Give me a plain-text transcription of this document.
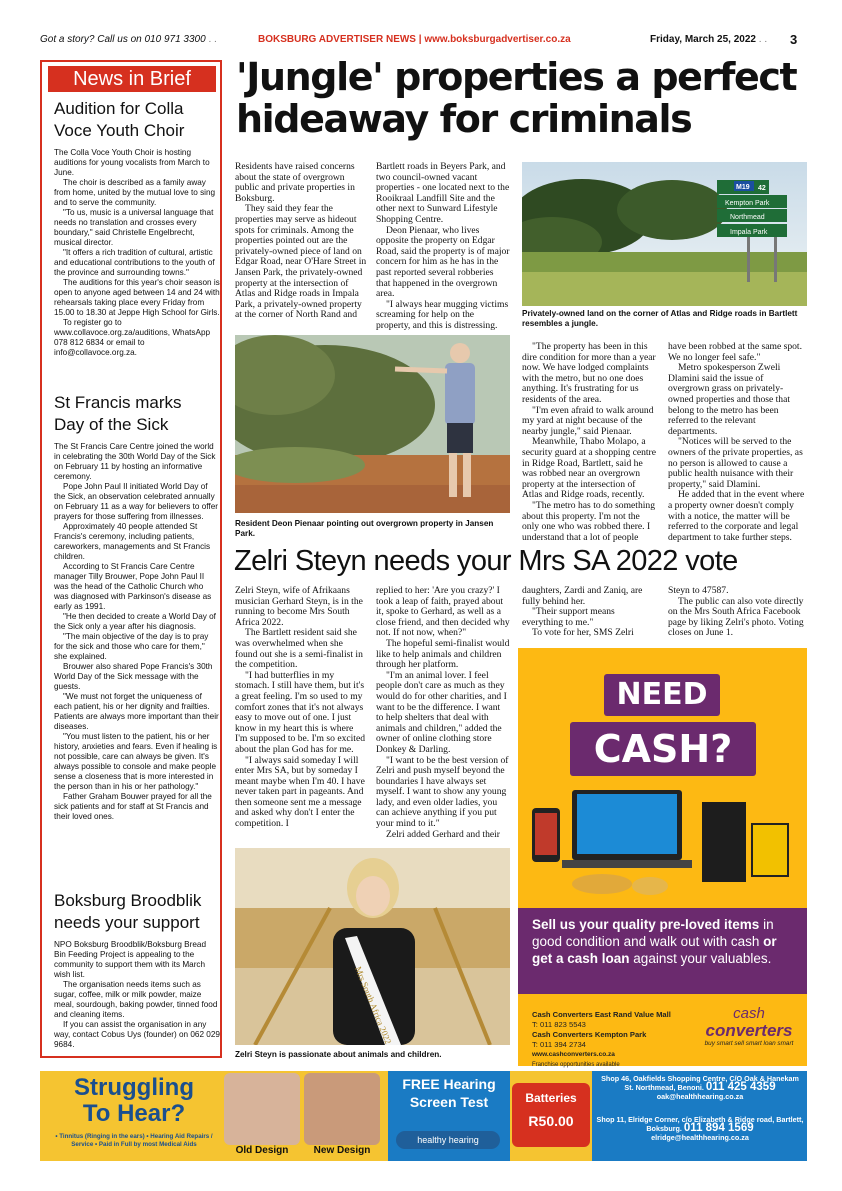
Got a story? Call us on 010 971 3300 . .	BOKSBURG ADVERTISER NEWS | www.boksburgadvertiser.co.za	Friday, March 25, 2022 . . 3
News in Brief
Audition for Colla Voce Youth Choir

The Colla Voce Youth Choir is hosting auditions for young vocalists from March to June.

The choir is described as a family away from home, united by the mutual love to sing and to serve the community.

"To us, music is a universal language that needs no translation and crosses every boundary," said Christelle Engelbrecht, musical director.

"It offers a rich tradition of cultural, artistic and educational contributions to the youth of the province and surrounding towns."

The auditions for this year's choir season is open to anyone aged between 14 and 24 with rehearsals taking place every Friday from 15.00 to 18.30 at Jeppe High School for Girls.

To register go to www.collavoce.org.za/auditions, WhatsApp 078 812 6834 or email to info@collavoce.org.za.

St Francis marks Day of the Sick

The St Francis Care Centre joined the world in celebrating the 30th World Day of the Sick on February 11 by hosting an informative ceremony.

Pope John Paul II initiated World Day of the Sick, an observation celebrated annually on February 11 as a way for believers to offer prayers for those suffering from illnesses.

Approximately 40 people attended St Francis's ceremony, including patients, careworkers, managements and St Francis children.

According to St Francis Care Centre manager Tilly Brouwer, Pope John Paul II was the head of the Catholic Church who was diagnosed with Parkinson's disease as early as 1991.

"He then decided to create a World Day of the Sick only a year after his diagnosis.

"The main objective of the day is to pray for the sick and those who care for them," she explained.

Brouwer also shared Pope Francis's 30th World Day of the Sick message with the guests.

"We must not forget the uniqueness of each patient, his or her dignity and frailties. Patients are always more important than their diseases.

"You must listen to the patient, his or her history, anxieties and fears. Even if healing is not possible, care can always be given. It's always possible to console and make people sense a closeness that is more interested in the person than in his or her pathology."

Father Graham Bouwer prayed for all the sick patients and for staff at St Francis and their loved ones.

Boksburg Broodblik needs your support

NPO Boksburg Broodblik/Boksburg Bread Bin Feeding Project is appealing to the community to support them with its March wish list.

The organisation needs items such as sugar, coffee, milk or milk powder, maize meal, sourdough, baking powder, tinned food and cleaning items.

If you can assist the organisation in any way, contact Cobus Uys (founder) on 062 029 9684.

'Jungle' properties a perfect
hideaway for criminals

Residents have raised concerns about the state of overgrown public and private properties in Boksburg.

They said they fear the properties may serve as hideout spots for criminals. Among the properties pointed out are the privately-owned piece of land on Edgar Road, near O'Hare Street in Jansen Park, the privately-owned property at the intersection of Atlas and Ridge roads in Impala Park, a privately-owned property at the corner of North Rand and

Bartlett roads in Beyers Park, and two council-owned vacant properties - one located next to the Rooikraal Landfill Site and the other next to Sunward Lifestyle Shopping Centre.

Deon Pienaar, who lives opposite the property on Edgar Road, said the property is of major concern for him as he has in the past reported several robberies that happened in the overgrown area.

"I always hear mugging victims screaming for help on the property, and this is distressing.

M19 42
Kempton Park
Northmead
Impala Park
Privately-owned land on the corner of Atlas and Ridge roads in Bartlett resembles a jungle.
Resident Deon Pienaar pointing out overgrown property in Jansen Park.

"The property has been in this dire condition for more than a year now. We have lodged complaints with the metro, but no one does anything. It's frustrating for us residents of the area.

"I'm even afraid to walk around my yard at night because of the nearby jungle," said Pienaar.

Meanwhile, Thabo Molapo, a security guard at a shopping centre in Ridge Road, Bartlett, said he was robbed near an overgrown property at the intersection of Atlas and Ridge roads, recently.

"The metro has to do something about this property. I'm not the only one who was robbed there. I understand that a lot of people

have been robbed at the same spot. We no longer feel safe."

Metro spokesperson Zweli Dlamini said the issue of overgrown grass on privately-owned properties and those that belong to the metro has been referred to the relevant departments.

"Notices will be served to the owners of the private properties, as no person is allowed to cause a public health nuisance with their property," said Dlamini.

He added that in the event where a property owner doesn't comply with a notice, the matter will be referred to the corporate and legal department to take further steps.

Zelri Steyn needs your Mrs SA 2022 vote

Zelri Steyn, wife of Afrikaans musician Gerhard Steyn, is in the running to become Mrs South Africa 2022.

The Bartlett resident said she was overwhelmed when she found out she is a semi-finalist in the competition.

"I had butterflies in my stomach. I still have them, but it's a great feeling. I'm so used to my comfort zones that it's not always easy to move out of one. I just know in my heart this is where I'm supposed to be. I'm so excited about the plan God has for me.

"I always said someday I will enter Mrs SA, but by someday I meant maybe when I'm 40. I have never taken part in pageants. And then someone sent me a message and asked why don't I enter the competition. I

replied to her: 'Are you crazy?' I took a leap of faith, prayed about it, spoke to Gerhard, as well as a close friend, and then decided why not. If not now, when?"

The hopeful semi-finalist would like to help animals and children through her platform.

"I'm an animal lover. I feel people don't care as much as they would do for other charities, and I want to be the difference. I want to help shelters that deal with animals and children," added the owner of online clothing store Donkey & Darling.

"I want to be the best version of Zelri and push myself beyond the boundaries I have always set myself. I want to show any young lady, and even older ladies, you can achieve anything if you put your mind to it."

Zelri added Gerhard and their

daughters, Zardi and Zaniq, are fully behind her.

"Their support means everything to me."

To vote for her, SMS Zelri

Steyn to 47587.

The public can also vote directly on the Mrs South Africa Facebook page by liking Zelri's photo. Voting closes on June 1.

Mrs South Africa 2022
Zelri Steyn is passionate about animals and children.
NEED
CASH?
Sell us your quality pre-loved items in good condition and walk out with cash or get a cash loan against your valuables.
Cash Converters East Rand Value Mall
T: 011 823 5543
Cash Converters Kempton Park
T: 011 394 2734
www.cashconverters.co.za
Franchise opportunities available
cash
converters
buy smart sell smart loan smart
Struggling
To Hear?
• Tinnitus (Ringing in the ears) • Hearing Aid Repairs / Service • Paid in Full by most Medical Aids
Old Design	New Design
FREE Hearing Screen Test
healthy hearing
Batteries
R50.00
Shop 46, Oakfields Shopping Centre, C/O Oak & Hanekam St. Northmead, Benoni. 011 425 4359
oak@healthhearing.co.za
Shop 11, Elridge Corner, c/o Elizabeth & Ridge road, Bartlett, Boksburg. 011 894 1569
elridge@healthhearing.co.za
